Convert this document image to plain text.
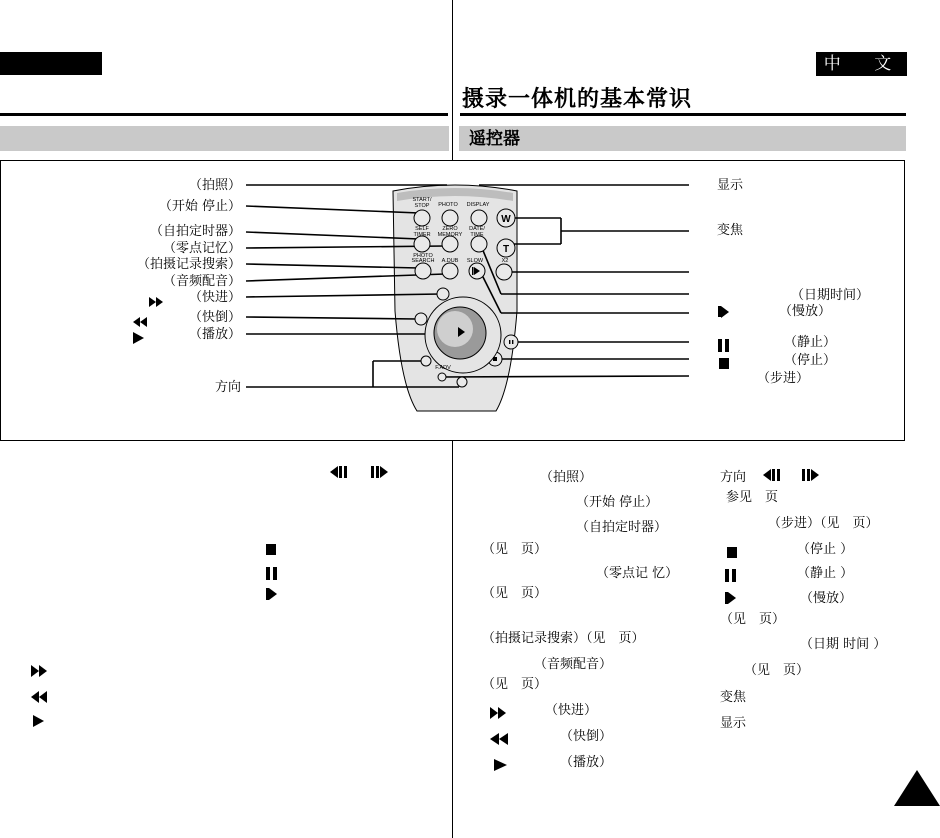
中 文
摄录一体机的基本常识
遥控器
START/
STOP PHOTO DISPLAY
SELF
TIMER
ZERO
MEMORY
DATE/
TIME
PHOTO
SEARCH A.DUB SLOW	X2
F.ADV
W
T
（拍照）
（开始 停止）
（自拍定时器）
（零点记忆）
（拍摄记录搜索）
（音频配音）
（快进）
（快倒）
（播放）
方向
显示
变焦
（日期时间）
（慢放）
（静止）
（停止）
（步进）

（拍照）
（开始 停止）
（自拍定时器）
（见　页）
（零点记 忆）
（见　页）
（拍摄记录搜索）（见　页）
（音频配音）
（见　页）
（快进）
（快倒）
（播放）
方向

参见　页
（步进）（见　页）
（停止 ）
（静止 ）
（慢放）
（见　页）
（日期 时间 ）
（见　页）
变焦
显示
